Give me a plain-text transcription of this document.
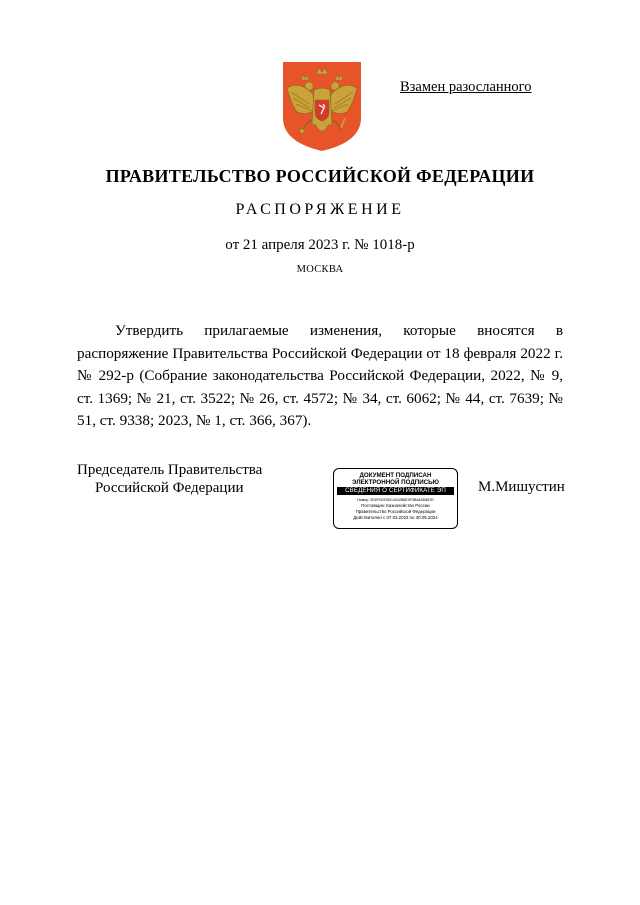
Взамен разосланного
ПРАВИТЕЛЬСТВО РОССИЙСКОЙ ФЕДЕРАЦИИ
РАСПОРЯЖЕНИЕ
от 21 апреля 2023 г. № 1018-р
МОСКВА
Утвердить прилагаемые изменения, которые вносятся в распоряжение Правительства Российской Федерации от 18 февраля 2022 г. № 292-р (Собрание законодательства Российской Федерации, 2022, № 9, ст. 1369; № 21, ст. 3522; № 26, ст. 4572; № 34, ст. 6062; № 44, ст. 7639; № 51, ст. 9338; 2023, № 1, ст. 366, 367).
Председатель Правительства
Российской Федерации
ДОКУМЕНТ ПОДПИСАН
ЭЛЕКТРОННОЙ ПОДПИСЬЮ
СВЕДЕНИЯ О СЕРТИФИКАТЕ ЭП
Номер: 2E6F9CE5DC4042B6E9F3BA63D867E
Поставщик: Казначейство России
Правительство Российской Федерации
Действителен с 07.03.2023 по 30.05.2024
М.Мишустин
